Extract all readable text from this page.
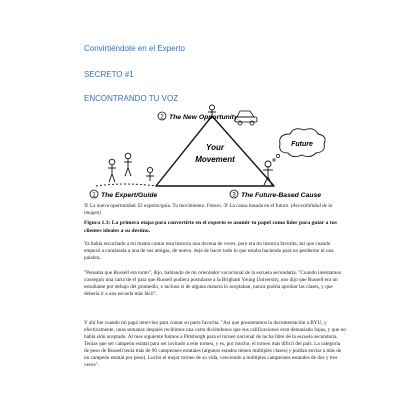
Convirtiéndote en el Experto
SECRETO #1
ENCONTRANDO TU VOZ
Your
Movement
2 The New Opportunity
Future
1 The Expert/Guide	3 The Future-Based Cause
② La nueva oportunidad. El experto/guía. Tu movimiento. Futuro. ③ La causa basada en el futuro. (Accesibilidad de la imagen)
Figura 1.3: La primera etapa para convertirte en el experto es asumir tu papel como líder para guiar a tus clientes ideales a su destino.

Ya había escuchado a mi mamá contar esta historia una docena de veces, pero era mi historia favorita, así que cuando empezó a contársela a una de sus amigas, de nuevo, dejé de hacer todo lo que estaba haciendo para no perderme ni una palabra.

"Pensaba que Russell era tonto", dijo, hablando de mi orientador vocacional de la escuela secundaria. "Cuando intentamos conseguir una carta de él para que Russell pudiera postularse a la Brigham Young University, nos dijo que Russell era un estudiante por debajo del promedio, e incluso si de alguna manera lo aceptaban, nunca podría aprobar las clases, y que debería ir a una escuela más fácil".

Y ahí fue cuando mi papá intervino para contar su parte favorita. "Así que presentamos la documentación a BYU, y efectivamente, unas semanas después recibimos una carta diciéndonos que sus calificaciones eran demasiado bajas, y que no había sido aceptado. Al mes siguiente fuimos a Pittsburgh para el torneo nacional de lucha libre de la escuela secundaria. Tenías que ser campeón estatal para ser invitado a este torneo, y es, por mucho, el torneo más difícil del país. La categoría de peso de Russell tenía más de 90 campeones estatales (algunos estados tienen múltiples clases) y podían enviar a más de un campeón estatal por peso). Luchó el mejor torneo de su vida, venciendo a múltiples campeones estatales de dos y tres veces".
